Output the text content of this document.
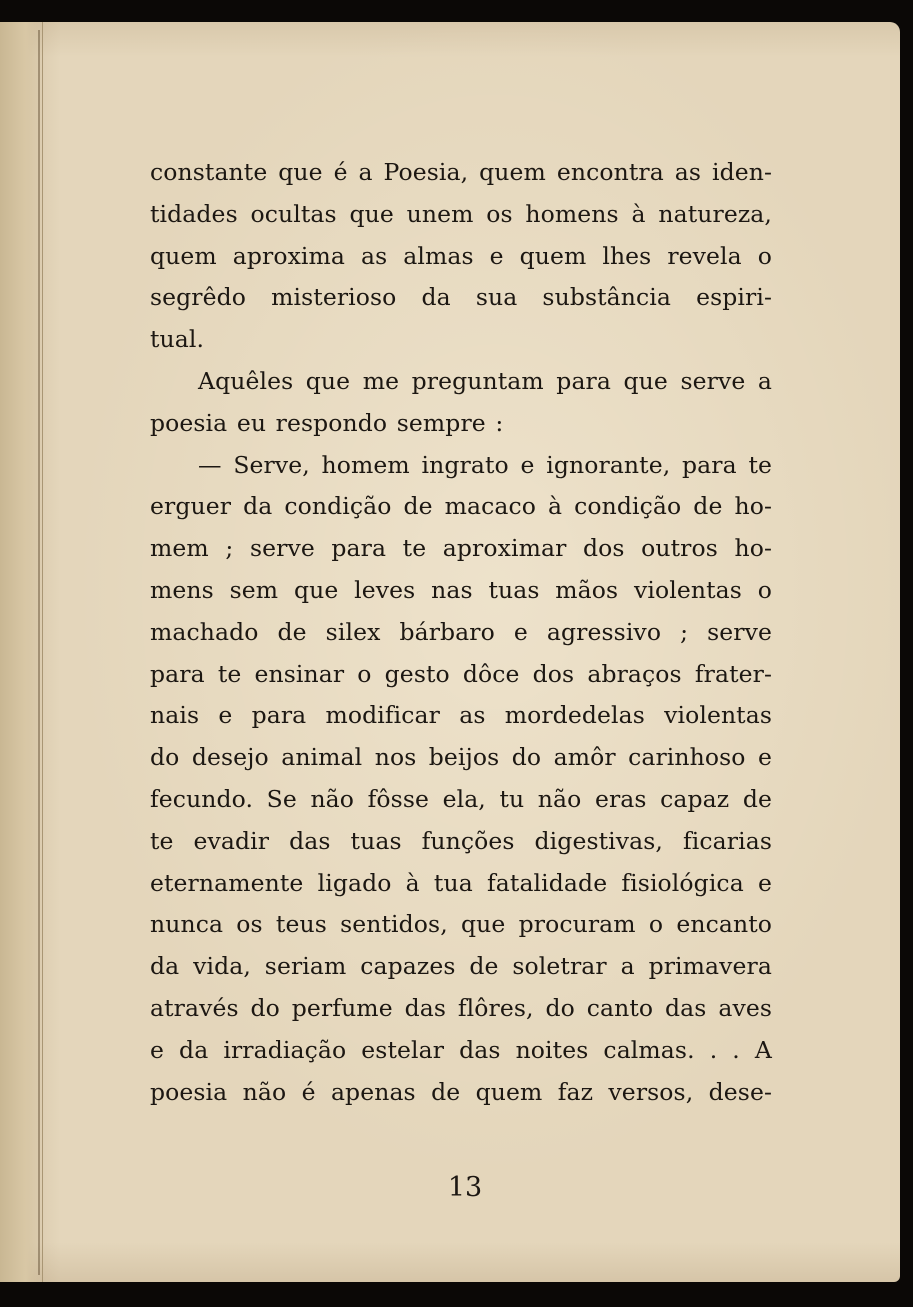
constante que é a Poesia, quem encontra as iden-
tidades ocultas que unem os homens à natureza,
quem aproxima as almas e quem lhes revela o
segrêdo misterioso da sua substância espiri-
tual.

Aquêles que me preguntam para que serve a
poesia eu respondo sempre :

— Serve, homem ingrato e ignorante, para te
erguer da condição de macaco à condição de ho-
mem ; serve para te aproximar dos outros ho-
mens sem que leves nas tuas mãos violentas o
machado de silex bárbaro e agressivo ; serve
para te ensinar o gesto dôce dos abraços frater-
nais e para modificar as mordedelas violentas
do desejo animal nos beijos do amôr carinhoso e
fecundo. Se não fôsse ela, tu não eras capaz de
te evadir das tuas funções digestivas, ficarias
eternamente ligado à tua fatalidade fisiológica e
nunca os teus sentidos, que procuram o encanto
da vida, seriam capazes de soletrar a primavera
através do perfume das flôres, do canto das aves
e da irradiação estelar das noites calmas. . . A
poesia não é apenas de quem faz versos, dese-

13
